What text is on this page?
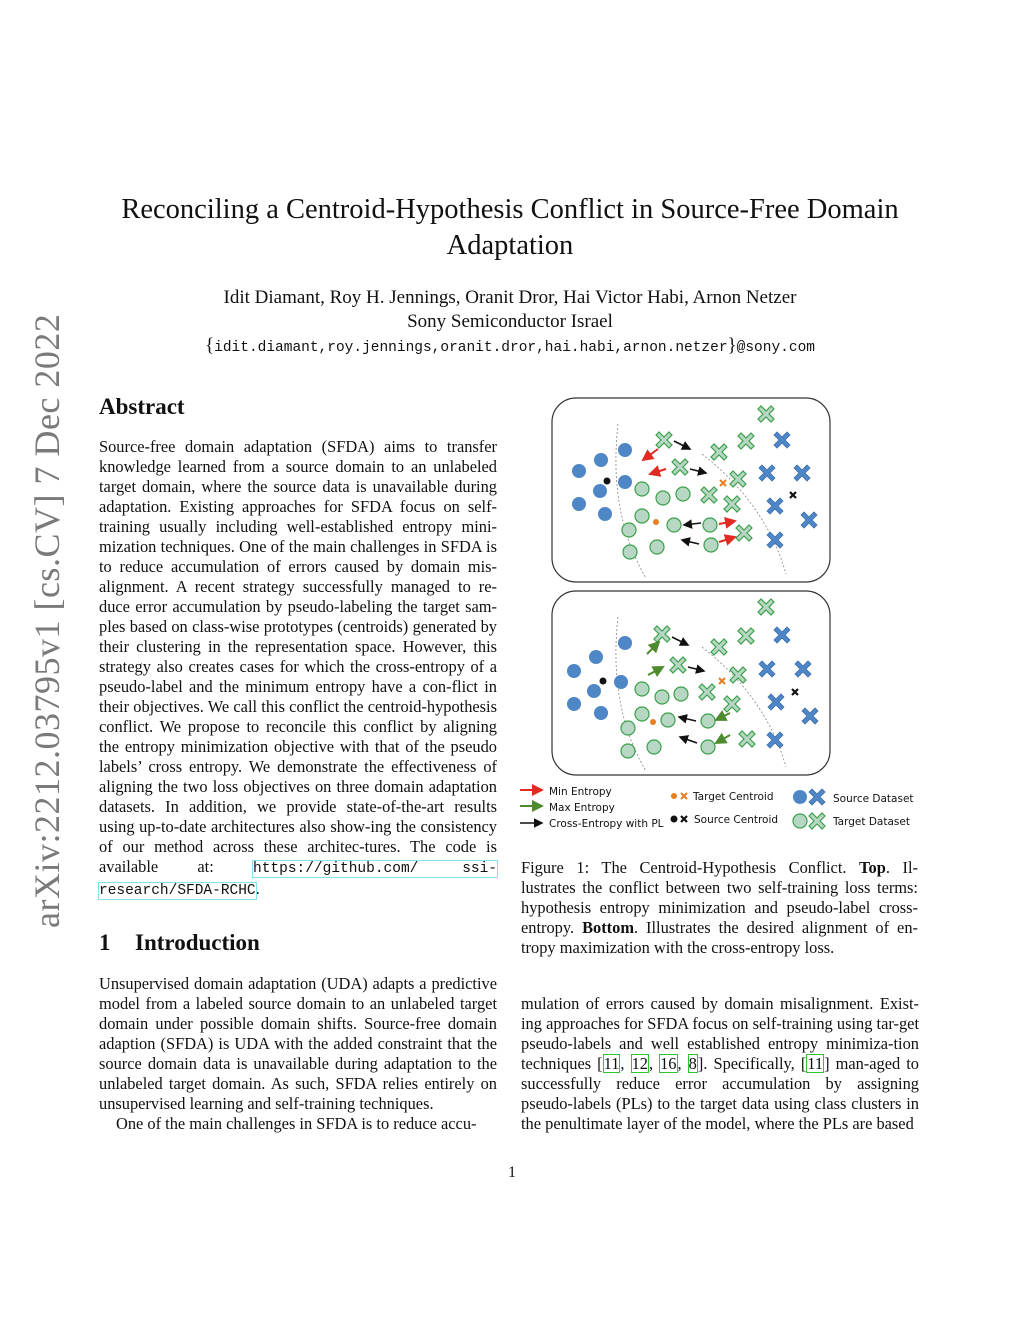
arXiv:2212.03795v1 [cs.CV] 7 Dec 2022
Reconciling a Centroid-Hypothesis Conflict in Source-Free Domain
Adaptation
Idit Diamant, Roy H. Jennings, Oranit Dror, Hai Victor Habi, Arnon Netzer
Sony Semiconductor Israel
{idit.diamant,roy.jennings,oranit.dror,hai.habi,arnon.netzer}@sony.com
Abstract
Source-free domain adaptation (SFDA) aims to transfer knowledge learned from a source domain to an unlabeled target domain, where the source data is unavailable during adaptation. Existing approaches for SFDA focus on self-training usually including well-established entropy mini-mization techniques. One of the main challenges in SFDA is to reduce accumulation of errors caused by domain mis-alignment. A recent strategy successfully managed to re-duce error accumulation by pseudo-labeling the target sam-ples based on class-wise prototypes (centroids) generated by their clustering in the representation space. However, this strategy also creates cases for which the cross-entropy of a pseudo-label and the minimum entropy have a con-flict in their objectives. We call this conflict the centroid-hypothesis conflict. We propose to reconcile this conflict by aligning the entropy minimization objective with that of the pseudo labels’ cross entropy. We demonstrate the effectiveness of aligning the two loss objectives on three domain adaptation datasets. In addition, we provide state-of-the-art results using up-to-date architectures also show-ing the consistency of our method across these architec-tures. The code is available at: https://github.com/	ssi-research/SFDA-RCHC.
1 Introduction
Unsupervised domain adaptation (UDA) adapts a predictive model from a labeled source domain to an unlabeled target domain under possible domain shifts. Source-free domain adaption (SFDA) is UDA with the added constraint that the source domain data is unavailable during adaptation to the unlabeled target domain. As such, SFDA relies entirely on unsupervised learning and self-training techniques.
One of the main challenges in SFDA is to reduce accu-
Min Entropy
Max Entropy
Cross-Entropy with PL
Target Centroid
Source Centroid
Source Dataset
Target Dataset
Figure 1: The Centroid-Hypothesis Conflict. Top. Il-lustrates the conflict between two self-training loss terms: hypothesis entropy minimization and pseudo-label cross-entropy. Bottom. Illustrates the desired alignment of en-tropy maximization with the cross-entropy loss.
mulation of errors caused by domain misalignment. Exist-ing approaches for SFDA focus on self-training using tar-get pseudo-labels and well established entropy minimiza-tion techniques [11, 12, 16, 8]. Specifically, [11] man-aged to successfully reduce error accumulation by assigning pseudo-labels (PLs) to the target data using class clusters in the penultimate layer of the model, where the PLs are based
1
